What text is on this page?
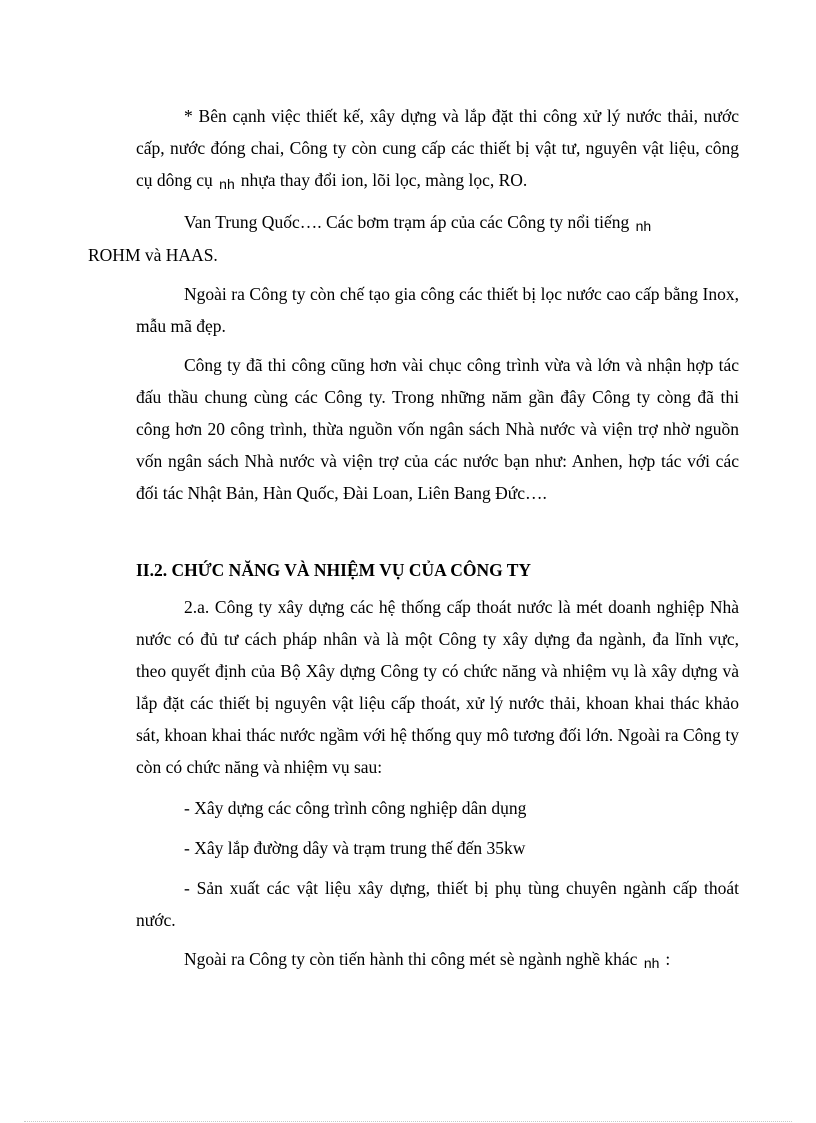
* Bên cạnh việc thiết kế, xây dựng và lắp đặt thi công xử lý nước thải, nước cấp, nước đóng chai, Công ty còn cung cấp các thiết bị vật tư, nguyên vật liệu, công cụ dông cụ nh nhựa thay đổi ion, lõi lọc, màng lọc, RO.

Van Trung Quốc…. Các bơm trạm áp của các Công ty nổi tiếng nh
ROHM và HAAS.

Ngoài ra Công ty còn chế tạo gia công các thiết bị lọc nước cao cấp bằng Inox, mẫu mã đẹp.

Công ty đã thi công cũng hơn vài chục công trình vừa và lớn và nhận hợp tác đấu thầu chung cùng các Công ty. Trong những năm gần đây Công ty còng đã thi công hơn 20 công trình, thừa nguồn vốn ngân sách Nhà nước và viện trợ nhờ nguồn vốn ngân sách Nhà nước và viện trợ của các nước bạn như: Anhen, hợp tác với các đối tác Nhật Bản, Hàn Quốc, Đài Loan, Liên Bang Đức….

II.2. CHỨC NĂNG VÀ NHIỆM VỤ CỦA CÔNG TY

2.a. Công ty xây dựng các hệ thống cấp thoát nước là mét doanh nghiệp Nhà nước có đủ tư cách pháp nhân và là một Công ty xây dựng đa ngành, đa lĩnh vực, theo quyết định của Bộ Xây dựng Công ty có chức năng và nhiệm vụ là xây dựng và lắp đặt các thiết bị nguyên vật liệu cấp thoát, xử lý nước thải, khoan khai thác khảo sát, khoan khai thác nước ngầm với hệ thống quy mô tương đối lớn. Ngoài ra Công ty còn có chức năng và nhiệm vụ sau:

- Xây dựng các công trình công nghiệp dân dụng

- Xây lắp đường dây và trạm trung thế đến 35kw

- Sản xuất các vật liệu xây dựng, thiết bị phụ tùng chuyên ngành cấp thoát nước.

Ngoài ra Công ty còn tiến hành thi công mét sè ngành nghề khác nh :
